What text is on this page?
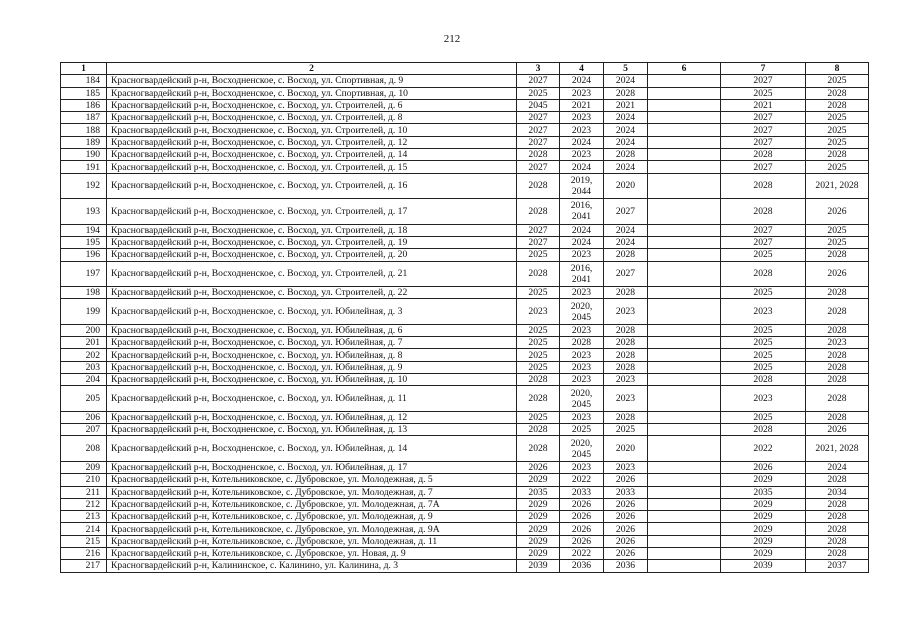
212
1	2	3	4	5	6	7	8
184	Красногвардейский р-н, Восходненское, с. Восход, ул. Спортивная, д. 9	2027	2024	2024		2027	2025
185	Красногвардейский р-н, Восходненское, с. Восход, ул. Спортивная, д. 10	2025	2023	2028		2025	2028
186	Красногвардейский р-н, Восходненское, с. Восход, ул. Строителей, д. 6	2045	2021	2021		2021	2028
187	Красногвардейский р-н, Восходненское, с. Восход, ул. Строителей, д. 8	2027	2023	2024		2027	2025
188	Красногвардейский р-н, Восходненское, с. Восход, ул. Строителей, д. 10	2027	2023	2024		2027	2025
189	Красногвардейский р-н, Восходненское, с. Восход, ул. Строителей, д. 12	2027	2024	2024		2027	2025
190	Красногвардейский р-н, Восходненское, с. Восход, ул. Строителей, д. 14	2028	2023	2028		2028	2028
191	Красногвардейский р-н, Восходненское, с. Восход, ул. Строителей, д. 15	2027	2024	2024		2027	2025
192	Красногвардейский р-н, Восходненское, с. Восход, ул. Строителей, д. 16	2028	2019, 2044	2020		2028	2021, 2028
193	Красногвардейский р-н, Восходненское, с. Восход, ул. Строителей, д. 17	2028	2016, 2041	2027		2028	2026
194	Красногвардейский р-н, Восходненское, с. Восход, ул. Строителей, д. 18	2027	2024	2024		2027	2025
195	Красногвардейский р-н, Восходненское, с. Восход, ул. Строителей, д. 19	2027	2024	2024		2027	2025
196	Красногвардейский р-н, Восходненское, с. Восход, ул. Строителей, д. 20	2025	2023	2028		2025	2028
197	Красногвардейский р-н, Восходненское, с. Восход, ул. Строителей, д. 21	2028	2016, 2041	2027		2028	2026
198	Красногвардейский р-н, Восходненское, с. Восход, ул. Строителей, д. 22	2025	2023	2028		2025	2028
199	Красногвардейский р-н, Восходненское, с. Восход, ул. Юбилейная, д. 3	2023	2020, 2045	2023		2023	2028
200	Красногвардейский р-н, Восходненское, с. Восход, ул. Юбилейная, д. 6	2025	2023	2028		2025	2028
201	Красногвардейский р-н, Восходненское, с. Восход, ул. Юбилейная, д. 7	2025	2028	2028		2025	2023
202	Красногвардейский р-н, Восходненское, с. Восход, ул. Юбилейная, д. 8	2025	2023	2028		2025	2028
203	Красногвардейский р-н, Восходненское, с. Восход, ул. Юбилейная, д. 9	2025	2023	2028		2025	2028
204	Красногвардейский р-н, Восходненское, с. Восход, ул. Юбилейная, д. 10	2028	2023	2023		2028	2028
205	Красногвардейский р-н, Восходненское, с. Восход, ул. Юбилейная, д. 11	2028	2020, 2045	2023		2023	2028
206	Красногвардейский р-н, Восходненское, с. Восход, ул. Юбилейная, д. 12	2025	2023	2028		2025	2028
207	Красногвардейский р-н, Восходненское, с. Восход, ул. Юбилейная, д. 13	2028	2025	2025		2028	2026
208	Красногвардейский р-н, Восходненское, с. Восход, ул. Юбилейная, д. 14	2028	2020, 2045	2020		2022	2021, 2028
209	Красногвардейский р-н, Восходненское, с. Восход, ул. Юбилейная, д. 17	2026	2023	2023		2026	2024
210	Красногвардейский р-н, Котельниковское, с. Дубровское, ул. Молодежная, д. 5	2029	2022	2026		2029	2028
211	Красногвардейский р-н, Котельниковское, с. Дубровское, ул. Молодежная, д. 7	2035	2033	2033		2035	2034
212	Красногвардейский р-н, Котельниковское, с. Дубровское, ул. Молодежная, д. 7А	2029	2026	2026		2029	2028
213	Красногвардейский р-н, Котельниковское, с. Дубровское, ул. Молодежная, д. 9	2029	2026	2026		2029	2028
214	Красногвардейский р-н, Котельниковское, с. Дубровское, ул. Молодежная, д. 9А	2029	2026	2026		2029	2028
215	Красногвардейский р-н, Котельниковское, с. Дубровское, ул. Молодежная, д. 11	2029	2026	2026		2029	2028
216	Красногвардейский р-н, Котельниковское, с. Дубровское, ул. Новая, д. 9	2029	2022	2026		2029	2028
217	Красногвардейский р-н, Калининское, с. Калинино, ул. Калинина, д. 3	2039	2036	2036		2039	2037
